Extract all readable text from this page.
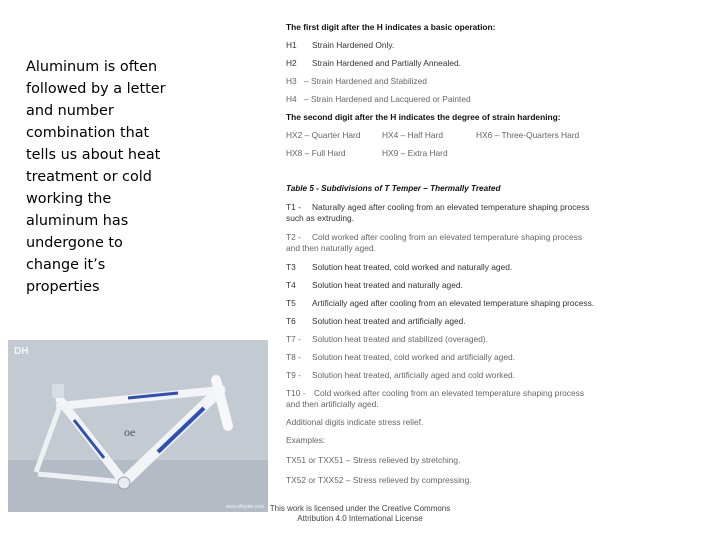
Aluminum is often followed by a letter and number combination that tells us about heat treatment or cold working the aluminum has undergone to change it’s properties
oe
DH
www.dhgate.com
The first digit after the H indicates a basic operation:
H1 Strain Hardened Only.
H2 Strain Hardened and Partially Annealed.
H3 – Strain Hardened and Stabilized
H4 – Strain Hardened and Lacquered or Painted
The second digit after the H indicates the degree of strain hardening:
HX2 – Quarter Hard	HX4 – Half Hard	HX6 – Three-Quarters Hard
HX8 – Full Hard	HX9 – Extra Hard
Table 5 - Subdivisions of T Temper – Thermally Treated
T1 - Naturally aged after cooling from an elevated temperature shaping process
such as extruding.
T2 - Cold worked after cooling from an elevated temperature shaping process
and then naturally aged.
T3 Solution heat treated, cold worked and naturally aged.
T4 Solution heat treated and naturally aged.
T5 Artificially aged after cooling from an elevated temperature shaping process.
T6 Solution heat treated and artificially aged.
T7 - Solution heat treated and stabilized (overaged).
T8 - Solution heat treated, cold worked and artificially aged.
T9 - Solution heat treated, artificially aged and cold worked.
T10 - Cold worked after cooling from an elevated temperature shaping process
and then artificially aged.
Additional digits indicate stress relief.
Examples:
TX51 or TXX51 – Stress relieved by stretching.
TX52 or TXX52 – Stress relieved by compressing.
This work is licensed under the Creative Commons
Attribution 4.0 International License
